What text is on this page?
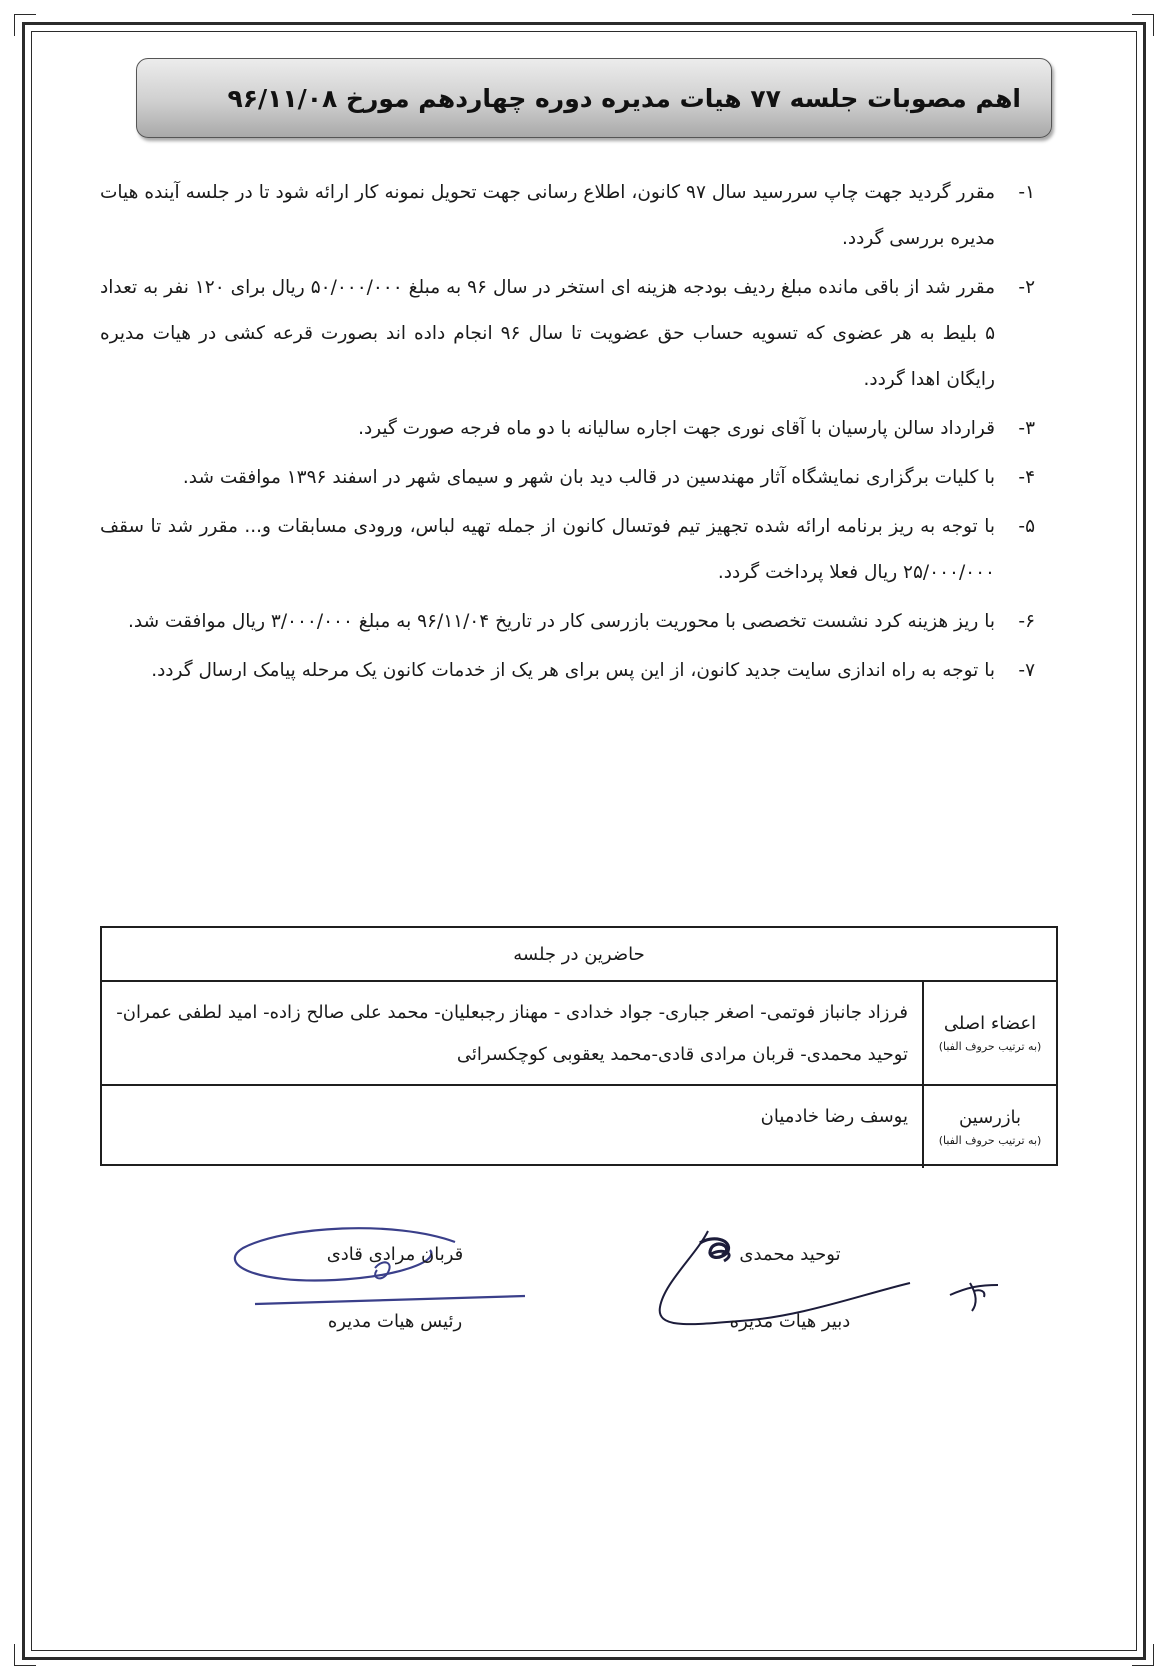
اهم مصوبات جلسه ۷۷ هیات مدیره دوره چهاردهم مورخ ۹۶/۱۱/۰۸
۱-
مقرر گردید جهت چاپ سررسید سال ۹۷ کانون، اطلاع رسانی جهت تحویل نمونه کار ارائه شود تا در جلسه آینده هیات مدیره بررسی گردد.
۲-
مقرر شد از باقی مانده مبلغ ردیف بودجه هزینه ای استخر در سال ۹۶ به مبلغ ۵۰/۰۰۰/۰۰۰ ریال برای ۱۲۰ نفر به تعداد ۵ بلیط به هر عضوی که تسویه حساب حق عضویت تا سال ۹۶ انجام داده اند بصورت قرعه کشی در هیات مدیره رایگان اهدا گردد.
۳-
قرارداد سالن پارسیان با آقای نوری جهت اجاره سالیانه با دو ماه فرجه صورت گیرد.
۴-
با کلیات برگزاری نمایشگاه آثار مهندسین در قالب دید بان شهر و سیمای شهر در اسفند ۱۳۹۶ موافقت شد.
۵-
با توجه به ریز برنامه ارائه شده تجهیز تیم فوتسال کانون از جمله تهیه لباس، ورودی مسابقات و... مقرر شد تا سقف ۲۵/۰۰۰/۰۰۰ ریال فعلا پرداخت گردد.
۶-
با ریز هزینه کرد نشست تخصصی با محوریت بازرسی کار در تاریخ ۹۶/۱۱/۰۴ به مبلغ ۳/۰۰۰/۰۰۰ ریال موافقت شد.
۷-
با توجه به راه اندازی سایت جدید کانون، از این پس برای هر یک از خدمات کانون یک مرحله پیامک ارسال گردد.
حاضرین در جلسه
اعضاء اصلی
(به ترتیب حروف الفبا)
فرزاد جانباز فوتمی- اصغر جباری- جواد خدادی - مهناز رجبعلیان- محمد علی صالح زاده- امید لطفی عمران- توحید محمدی- قربان مرادی قادی-محمد یعقوبی کوچکسرائی
بازرسین
(به ترتیب حروف الفبا)
یوسف رضا خادمیان
قربان مرادی قادی
رئیس هیات مدیره
توحید محمدی
دبیر هیات مدیره
